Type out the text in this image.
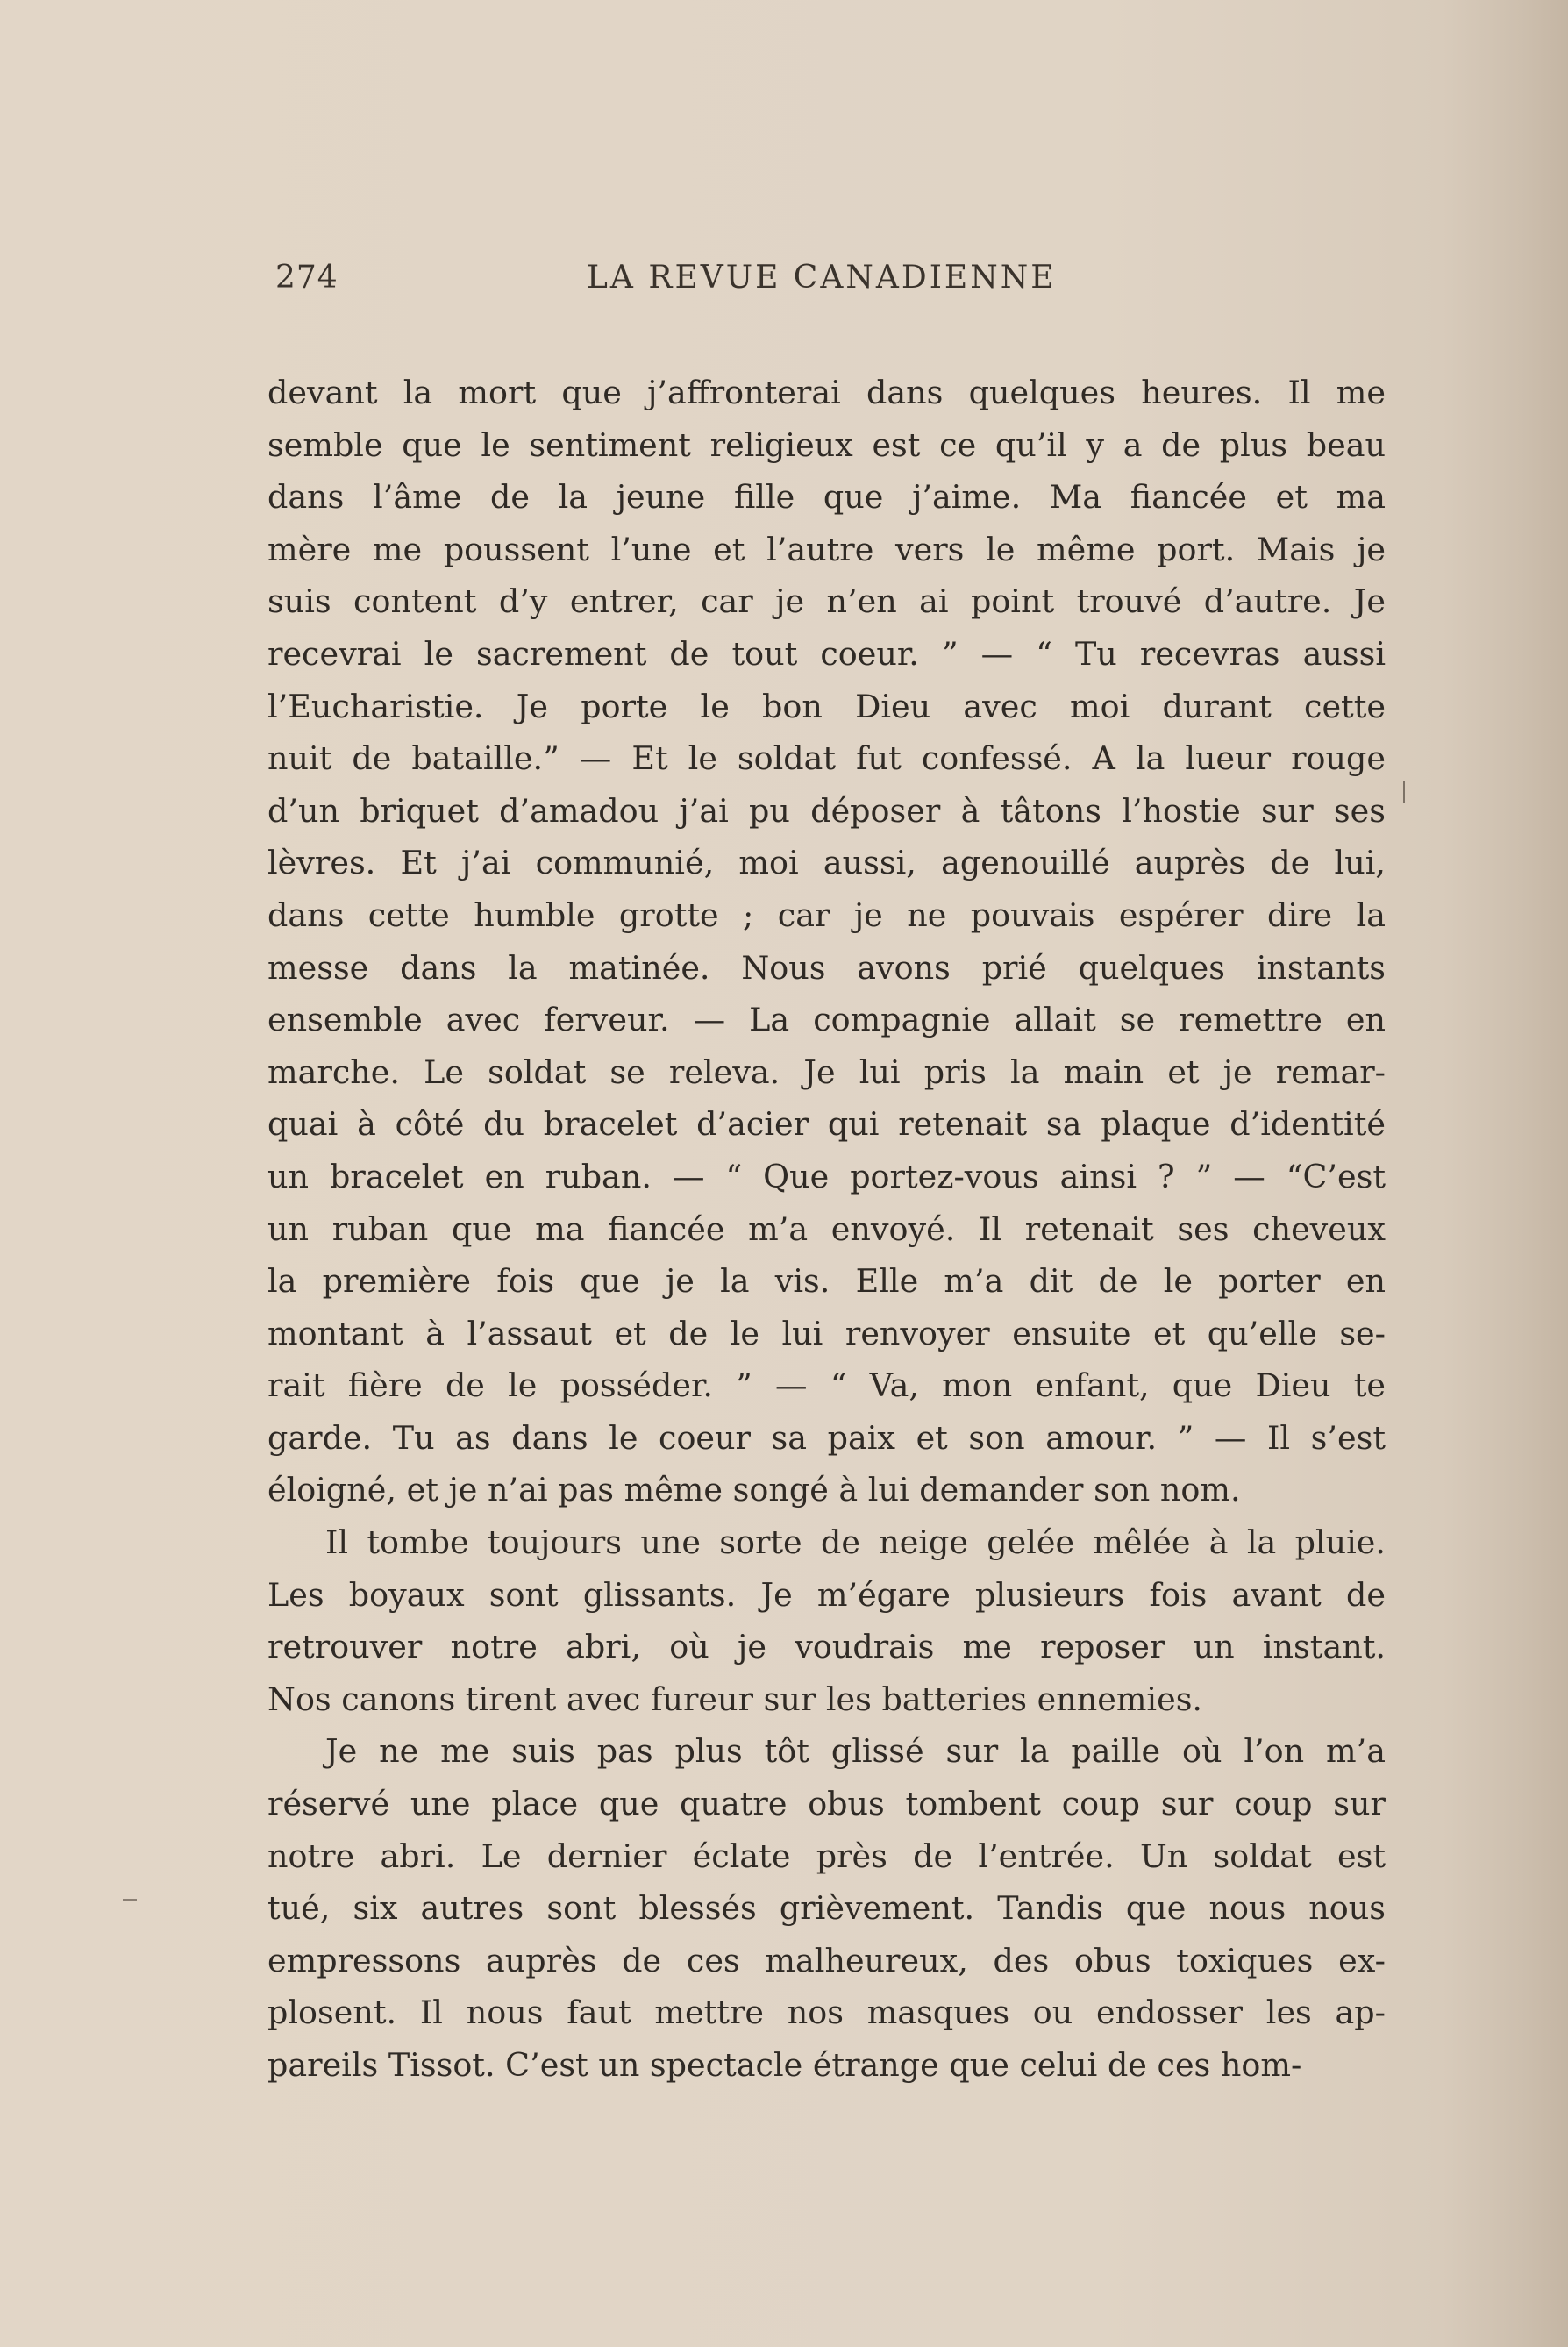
274	LA REVUE CANADIENNE
devant la mort que j’affronterai dans quelques heures. Il me
semble que le sentiment religieux est ce qu’il y a de plus beau
dans l’âme de la jeune fille que j’aime. Ma fiancée et ma
mère me poussent l’une et l’autre vers le même port. Mais je
suis content d’y entrer, car je n’en ai point trouvé d’autre. Je
recevrai le sacrement de tout coeur. ” — “ Tu recevras aussi
l’Eucharistie. Je porte le bon Dieu avec moi durant cette
nuit de bataille.” — Et le soldat fut confessé. A la lueur rouge
d’un briquet d’amadou j’ai pu déposer à tâtons l’hostie sur ses
lèvres. Et j’ai communié, moi aussi, agenouillé auprès de lui,
dans cette humble grotte ; car je ne pouvais espérer dire la
messe dans la matinée. Nous avons prié quelques instants
ensemble avec ferveur. — La compagnie allait se remettre en
marche. Le soldat se releva. Je lui pris la main et je remar-
quai à côté du bracelet d’acier qui retenait sa plaque d’identité
un bracelet en ruban. — “ Que portez-vous ainsi ? ” — “C’est
un ruban que ma fiancée m’a envoyé. Il retenait ses cheveux
la première fois que je la vis. Elle m’a dit de le porter en
montant à l’assaut et de le lui renvoyer ensuite et qu’elle se-
rait fière de le posséder. ” — “ Va, mon enfant, que Dieu te
garde. Tu as dans le coeur sa paix et son amour. ” — Il s’est
éloigné, et je n’ai pas même songé à lui demander son nom.
Il tombe toujours une sorte de neige gelée mêlée à la pluie.
Les boyaux sont glissants. Je m’égare plusieurs fois avant de
retrouver notre abri, où je voudrais me reposer un instant.
Nos canons tirent avec fureur sur les batteries ennemies.
Je ne me suis pas plus tôt glissé sur la paille où l’on m’a
réservé une place que quatre obus tombent coup sur coup sur
notre abri. Le dernier éclate près de l’entrée. Un soldat est
tué, six autres sont blessés grièvement. Tandis que nous nous
empressons auprès de ces malheureux, des obus toxiques ex-
plosent. Il nous faut mettre nos masques ou endosser les ap-
pareils Tissot. C’est un spectacle étrange que celui de ces hom-
